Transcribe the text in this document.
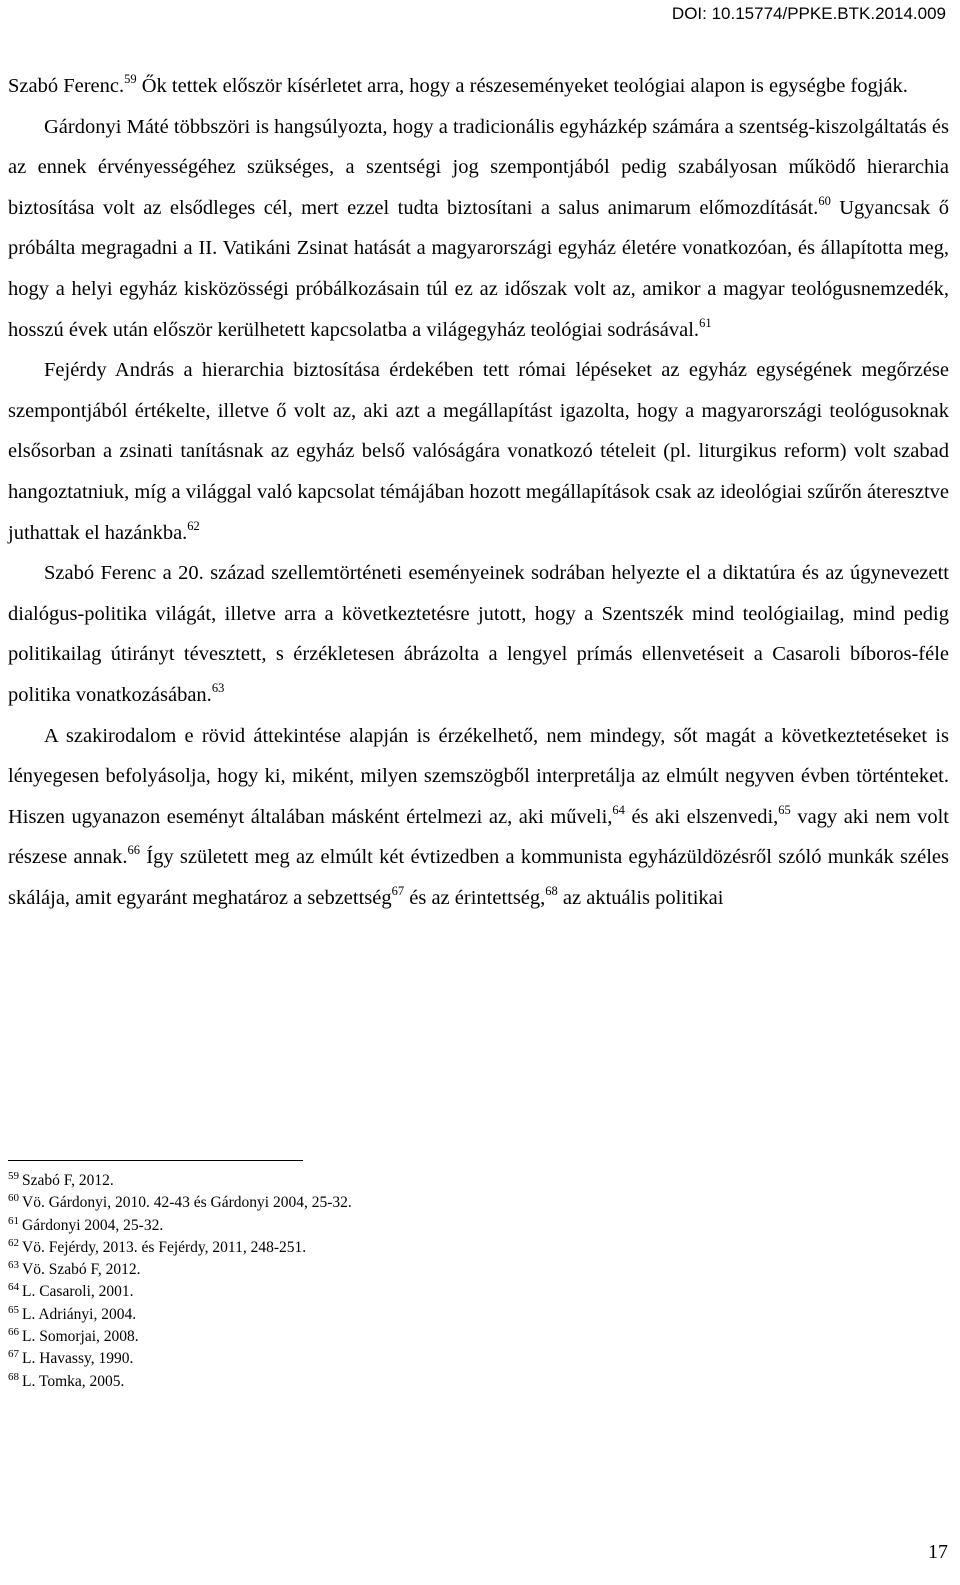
DOI: 10.15774/PPKE.BTK.2014.009

Szabó Ferenc.$^{59}$ Ők tettek először kísérletet arra, hogy a részeseményeket teológiai alapon is egységbe fogják.

Gárdonyi Máté többszöri is hangsúlyozta, hogy a tradicionális egyházkép számára a szentség-kiszolgáltatás és az ennek érvényességéhez szükséges, a szentségi jog szempontjából pedig szabályosan működő hierarchia biztosítása volt az elsődleges cél, mert ezzel tudta biztosítani a salus animarum előmozdítását.$^{60}$ Ugyancsak ő próbálta megragadni a II. Vatikáni Zsinat hatását a magyarországi egyház életére vonatkozóan, és állapította meg, hogy a helyi egyház kisközösségi próbálkozásain túl ez az időszak volt az, amikor a magyar teológusnemzedék, hosszú évek után először kerülhetett kapcsolatba a világegyház teológiai sodrásával.$^{61}$

Fejérdy András a hierarchia biztosítása érdekében tett római lépéseket az egyház egységének megőrzése szempontjából értékelte, illetve ő volt az, aki azt a megállapítást igazolta, hogy a magyarországi teológusoknak elsősorban a zsinati tanításnak az egyház belső valóságára vonatkozó tételeit (pl. liturgikus reform) volt szabad hangoztatniuk, míg a világgal való kapcsolat témájában hozott megállapítások csak az ideológiai szűrőn áteresztve juthattak el hazánkba.$^{62}$

Szabó Ferenc a 20. század szellemtörténeti eseményeinek sodrában helyezte el a diktatúra és az úgynevezett dialógus-politika világát, illetve arra a következtetésre jutott, hogy a Szentszék mind teológiailag, mind pedig politikailag útirányt tévesztett, s érzékletesen ábrázolta a lengyel prímás ellenvetéseit a Casaroli bíboros-féle politika vonatkozásában.$^{63}$

A szakirodalom e rövid áttekintése alapján is érzékelhető, nem mindegy, sőt magát a következtetéseket is lényegesen befolyásolja, hogy ki, miként, milyen szemszögből interpretálja az elmúlt negyven évben történteket. Hiszen ugyanazon eseményt általában másként értelmezi az, aki műveli,$^{64}$ és aki elszenvedi,$^{65}$ vagy aki nem volt részese annak.$^{66}$ Így született meg az elmúlt két évtizedben a kommunista egyházüldözésről szóló munkák széles skálája, amit egyaránt meghatároz a sebzettség$^{67}$ és az érintettség,$^{68}$ az aktuális politikai

$^{59}$ Szabó F, 2012.

$^{60}$ Vö. Gárdonyi, 2010. 42-43 és Gárdonyi 2004, 25-32.

$^{61}$ Gárdonyi 2004, 25-32.

$^{62}$ Vö. Fejérdy, 2013. és Fejérdy, 2011, 248-251.

$^{63}$ Vö. Szabó F, 2012.

$^{64}$ L. Casaroli, 2001.

$^{65}$ L. Adriányi, 2004.

$^{66}$ L. Somorjai, 2008.

$^{67}$ L. Havassy, 1990.

$^{68}$ L. Tomka, 2005.

17
